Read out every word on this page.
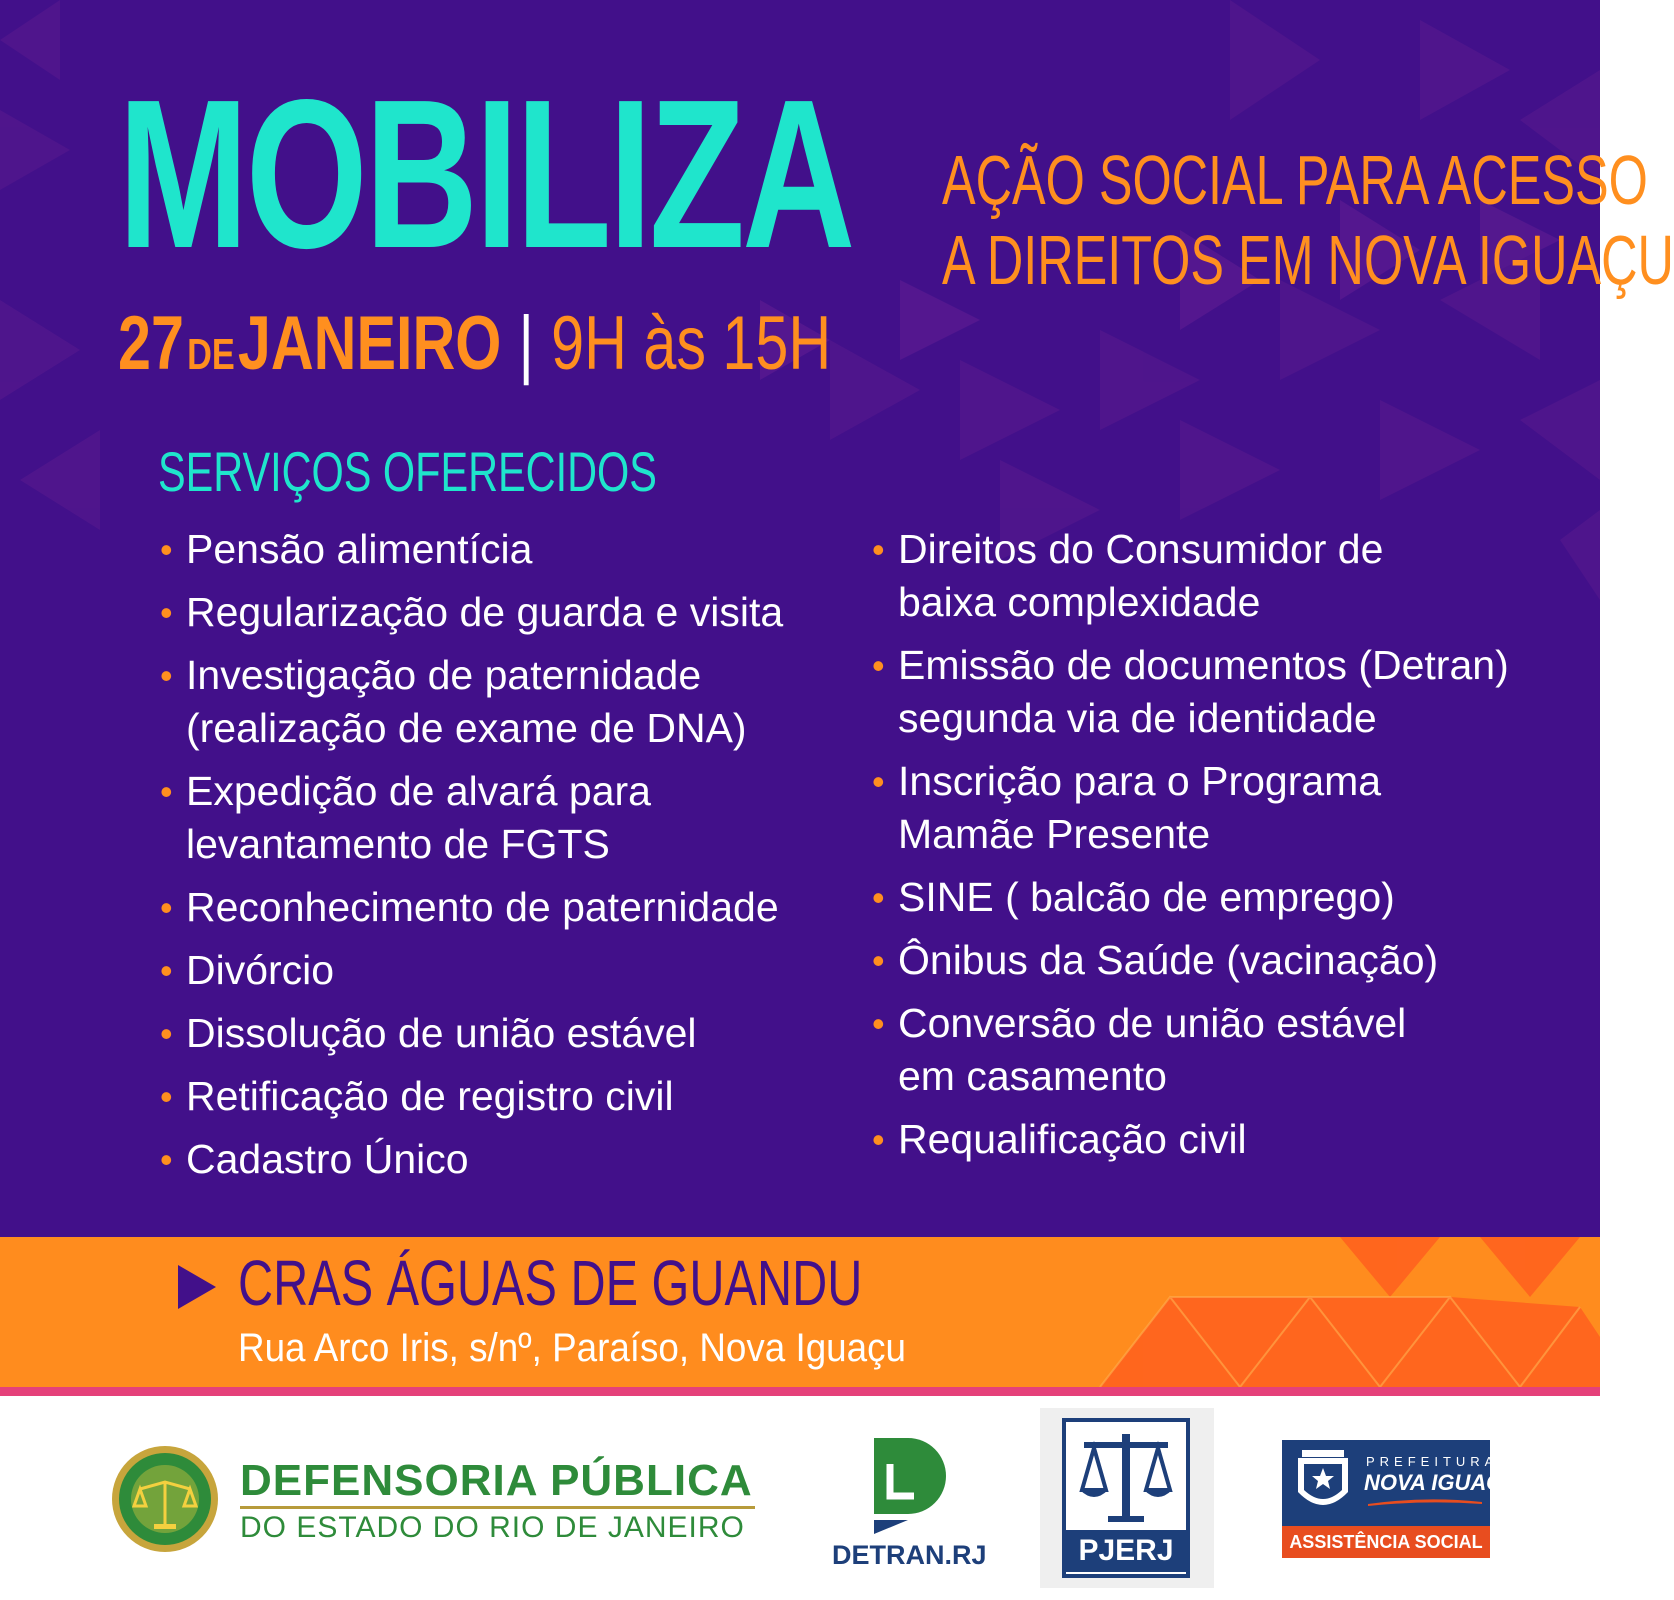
MOBILIZA AÇÃO SOCIAL PARA ACESSO
A DIREITOS EM NOVA IGUAÇU
27 DE JANEIRO | 9H às 15H
SERVIÇOS OFERECIDOS
• Pensão alimentícia
• Regularização de guarda e visita
• Investigação de paternidade
(realização de exame de DNA)
• Expedição de alvará para
levantamento de FGTS
• Reconhecimento de paternidade
• Divórcio
• Dissolução de união estável
• Retificação de registro civil
• Cadastro Único
• Direitos do Consumidor de
baixa complexidade
• Emissão de documentos (Detran)
segunda via de identidade
• Inscrição para o Programa
Mamãe Presente
• SINE ( balcão de emprego)
• Ônibus da Saúde (vacinação)
• Conversão de união estável
em casamento
• Requalificação civil
CRAS ÁGUAS DE GUANDU
Rua Arco Iris, s/nº, Paraíso, Nova Iguaçu
DEFENSORIA PÚBLICA
DO ESTADO DO RIO DE JANEIRO
DETRAN.RJ	PJERJ
PREFEITURA
NOVA IGUAÇU
ASSISTÊNCIA SOCIAL
